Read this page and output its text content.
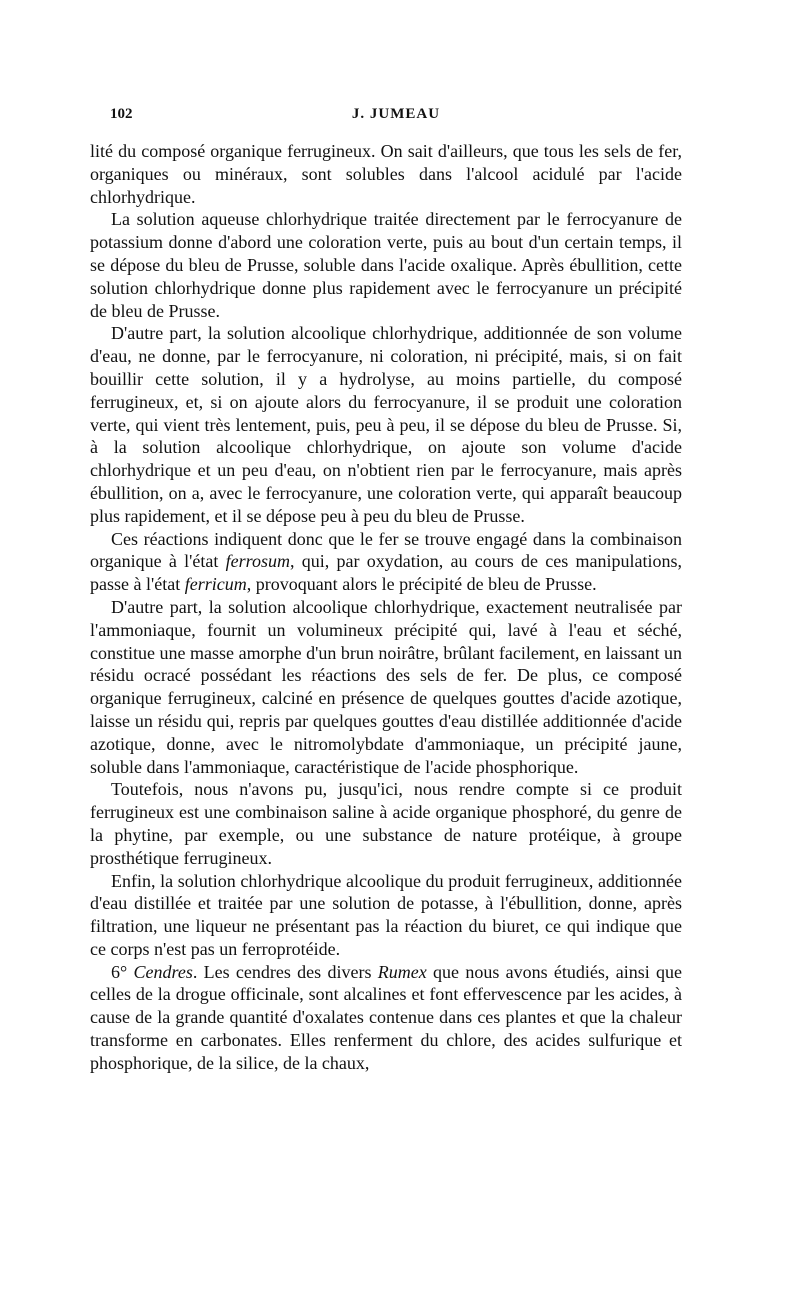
102	J. JUMEAU

lité du composé organique ferrugineux. On sait d'ailleurs, que tous les sels de fer, organiques ou minéraux, sont solubles dans l'alcool acidulé par l'acide chlorhydrique.

La solution aqueuse chlorhydrique traitée directement par le ferrocyanure de potassium donne d'abord une coloration verte, puis au bout d'un certain temps, il se dépose du bleu de Prusse, soluble dans l'acide oxalique. Après ébullition, cette solution chlorhydrique donne plus rapidement avec le ferrocyanure un précipité de bleu de Prusse.

D'autre part, la solution alcoolique chlorhydrique, additionnée de son volume d'eau, ne donne, par le ferrocyanure, ni coloration, ni précipité, mais, si on fait bouillir cette solution, il y a hydrolyse, au moins partielle, du composé ferrugineux, et, si on ajoute alors du ferrocyanure, il se produit une coloration verte, qui vient très lentement, puis, peu à peu, il se dépose du bleu de Prusse. Si, à la solution alcoolique chlorhydrique, on ajoute son volume d'acide chlorhydrique et un peu d'eau, on n'obtient rien par le ferrocyanure, mais après ébullition, on a, avec le ferrocyanure, une coloration verte, qui apparaît beaucoup plus rapidement, et il se dépose peu à peu du bleu de Prusse.

Ces réactions indiquent donc que le fer se trouve engagé dans la combinaison organique à l'état ferrosum, qui, par oxydation, au cours de ces manipulations, passe à l'état ferricum, provoquant alors le précipité de bleu de Prusse.

D'autre part, la solution alcoolique chlorhydrique, exactement neutralisée par l'ammoniaque, fournit un volumineux précipité qui, lavé à l'eau et séché, constitue une masse amorphe d'un brun noirâtre, brûlant facilement, en laissant un résidu ocracé possédant les réactions des sels de fer. De plus, ce composé organique ferrugineux, calciné en présence de quelques gouttes d'acide azotique, laisse un résidu qui, repris par quelques gouttes d'eau distillée additionnée d'acide azotique, donne, avec le nitromolybdate d'ammoniaque, un précipité jaune, soluble dans l'ammoniaque, caractéristique de l'acide phosphorique.

Toutefois, nous n'avons pu, jusqu'ici, nous rendre compte si ce produit ferrugineux est une combinaison saline à acide organique phosphoré, du genre de la phytine, par exemple, ou une substance de nature protéique, à groupe prosthétique ferrugineux.

Enfin, la solution chlorhydrique alcoolique du produit ferrugineux, additionnée d'eau distillée et traitée par une solution de potasse, à l'ébullition, donne, après filtration, une liqueur ne présentant pas la réaction du biuret, ce qui indique que ce corps n'est pas un ferroprotéide.

6° Cendres. Les cendres des divers Rumex que nous avons étudiés, ainsi que celles de la drogue officinale, sont alcalines et font effervescence par les acides, à cause de la grande quantité d'oxalates contenue dans ces plantes et que la chaleur transforme en carbonates. Elles renferment du chlore, des acides sulfurique et phosphorique, de la silice, de la chaux,
